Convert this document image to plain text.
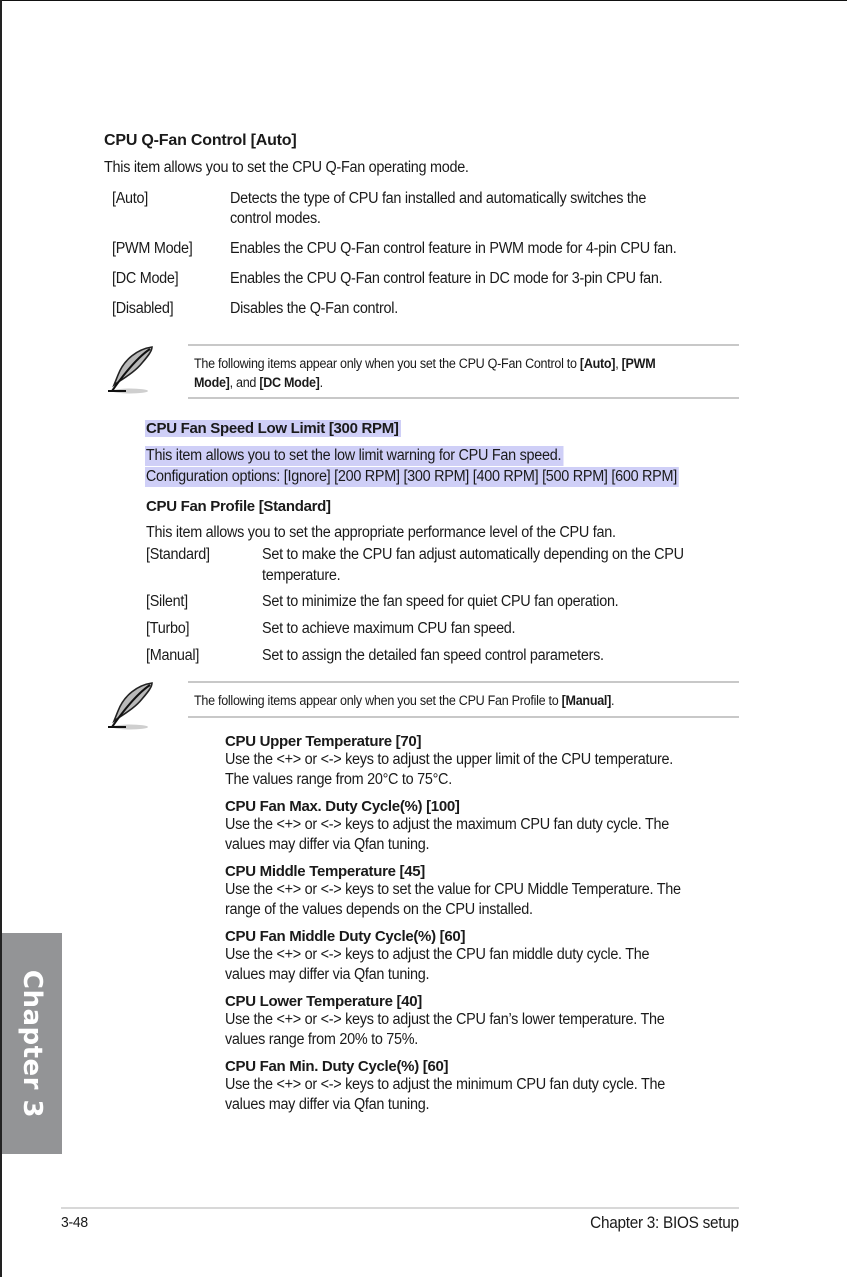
CPU Q-Fan Control [Auto]
This item allows you to set the CPU Q-Fan operating mode.
[Auto]	Detects the type of CPU fan installed and automatically switches the
control modes.
[PWM Mode] Enables the CPU Q-Fan control feature in PWM mode for 4-pin CPU fan.
[DC Mode]	Enables the CPU Q-Fan control feature in DC mode for 3-pin CPU fan.
[Disabled]	Disables the Q-Fan control.
The following items appear only when you set the CPU Q-Fan Control to [Auto], [PWM
Mode], and [DC Mode].
CPU Fan Speed Low Limit [300 RPM]
This item allows you to set the low limit warning for CPU Fan speed.
Configuration options: [Ignore] [200 RPM] [300 RPM] [400 RPM] [500 RPM] [600 RPM]
CPU Fan Profile [Standard]
This item allows you to set the appropriate performance level of the CPU fan.
[Standard]	Set to make the CPU fan adjust automatically depending on the CPU
temperature.
[Silent]	Set to minimize the fan speed for quiet CPU fan operation.
[Turbo]	Set to achieve maximum CPU fan speed.
[Manual]	Set to assign the detailed fan speed control parameters.
The following items appear only when you set the CPU Fan Profile to [Manual].
CPU Upper Temperature [70]
Use the <+> or <-> keys to adjust the upper limit of the CPU temperature.
The values range from 20°C to 75°C.
CPU Fan Max. Duty Cycle(%) [100]
Use the <+> or <-> keys to adjust the maximum CPU fan duty cycle. The
values may differ via Qfan tuning.
CPU Middle Temperature [45]
Use the <+> or <-> keys to set the value for CPU Middle Temperature. The
range of the values depends on the CPU installed.
CPU Fan Middle Duty Cycle(%) [60]
Use the <+> or <-> keys to adjust the CPU fan middle duty cycle. The
values may differ via Qfan tuning.
CPU Lower Temperature [40]
Use the <+> or <-> keys to adjust the CPU fan’s lower temperature. The
values range from 20% to 75%.
CPU Fan Min. Duty Cycle(%) [60]
Use the <+> or <-> keys to adjust the minimum CPU fan duty cycle. The
values may differ via Qfan tuning.
Chapter 3
3-48	Chapter 3: BIOS setup
